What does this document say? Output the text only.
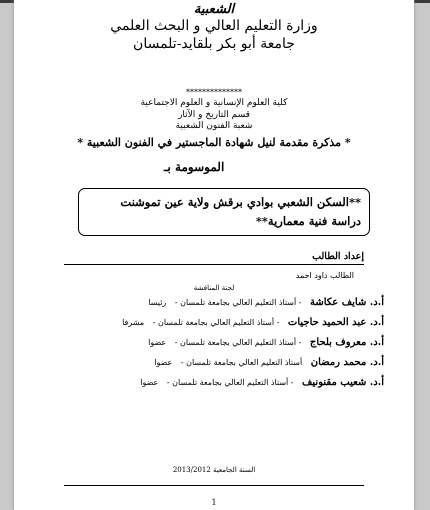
الشعبية
وزارة التعليم العالي و البحث العلمي
جامعة أبو بكر بلقايد-تلمسان
**************
كلية العلوم الإنسانية و العلوم الاجتماعية
قسم التاريخ و الآثار
شعبة الفنون الشعبية
* مذكرة مقدمة لنيل شهادة الماجستير في الفنون الشعبية *
الموسومة بـ
**السكن الشعبي بوادي برقش ولاية عين تموشنت
دراسة فنية معمارية**
إعداد الطالب
الطالب داود احمد
لجنة المناقشة
أ.د. شايف عكاشة - أستاذ التعليم العالي بجامعة تلمسان - رئيسا
أ.د. عبد الحميد حاجيات - أستاذ التعليم العالي بجامعة تلمسان - مشرفا
أ.د. معروف بلحاج - أستاذ التعليم العالي بجامعة تلمسان - عضوا
أ.د. محمد رمضان أستاذ التعليم العالي بجامعة تلمسان - عضوا
أ.د. شعيب مقنونيف - أستاذ التعليم العالي بجامعة تلمسان - عضوا
السنة الجامعية 2013/2012
1
